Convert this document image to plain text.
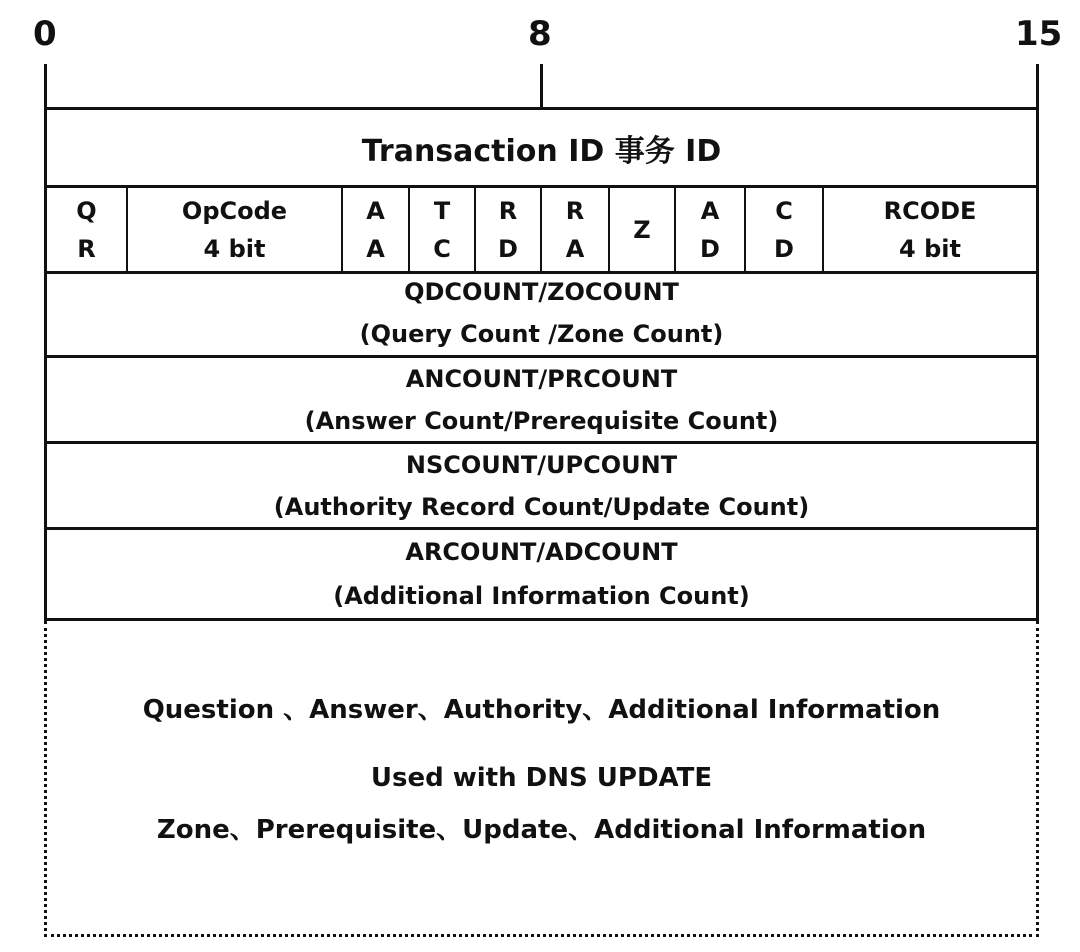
0	8	15
Transaction ID 事务 ID
Q
R
OpCode
4 bit
A
A
T
C
R
D
R
A
Z
A
D
C
D
RCODE
4 bit
QDCOUNT/ZOCOUNT
(Query Count /Zone Count)
ANCOUNT/PRCOUNT
(Answer Count/Prerequisite Count)
NSCOUNT/UPCOUNT
(Authority Record Count/Update Count)
ARCOUNT/ADCOUNT
(Additional Information Count)
Question 、Answer、Authority、Additional Information
Used with DNS UPDATE
Zone、Prerequisite、Update、Additional Information
